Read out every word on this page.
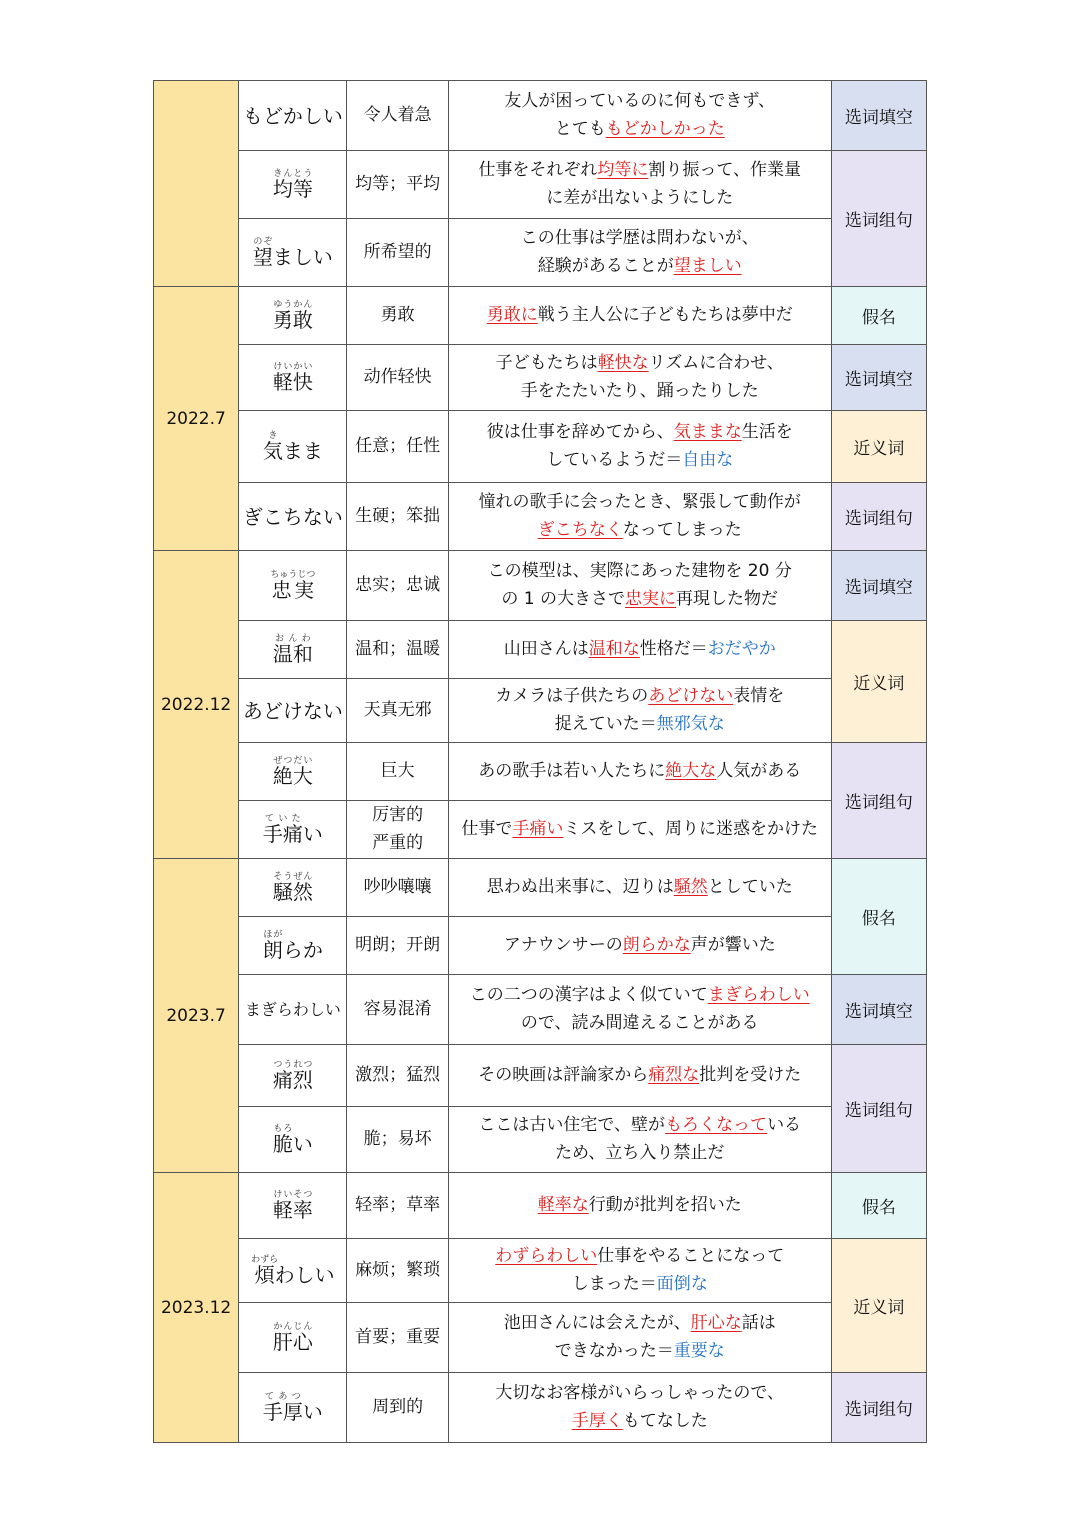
	もどかしい	令人着急	友人が困っているのに何もできず、
とてももどかしかった	选词填空
	均等きんとう	均等；平均	仕事をそれぞれ均等に割り振って、作業量
に差が出ないようにした	选词组句
	望のぞましい	所希望的	この仕事は学歴は問わないが、
経験があることが望ましい	
2022.7	勇敢ゆうかん	勇敢	勇敢に戦う主人公に子どもたちは夢中だ	假名
	軽快けいかい	动作轻快	子どもたちは軽快なリズムに合わせ、
手をたたいたり、踊ったりした	选词填空
	気きまま	任意；任性	彼は仕事を辞めてから、気ままな生活を
しているようだ＝自由な	近义词
	ぎこちない	生硬；笨拙	憧れの歌手に会ったとき、緊張して動作が
ぎこちなくなってしまった	选词组句
2022.12	忠実ちゅうじつ	忠实；忠诚	この模型は、実際にあった建物を 20 分
の 1 の大きさで忠実に再現した物だ	选词填空
	温和おんわ	温和；温暖	山田さんは温和な性格だ＝おだやか	近义词
	あどけない	天真无邪	カメラは子供たちのあどけない表情を
捉えていた＝無邪気な	
	絶大ぜつだい	巨大	あの歌手は若い人たちに絶大な人気がある	选词组句
	手痛ていたい	厉害的
严重的	仕事で手痛いミスをして、周りに迷惑をかけた	
2023.7	騒然そうぜん	吵吵嚷嚷	思わぬ出来事に、辺りは騒然としていた	假名
	朗ほがらか	明朗；开朗	アナウンサーの朗らかな声が響いた	
	まぎらわしい	容易混淆	この二つの漢字はよく似ていてまぎらわしい
ので、読み間違えることがある	选词填空
	痛烈つうれつ	激烈；猛烈	その映画は評論家から痛烈な批判を受けた	选词组句
	脆もろい	脆；易坏	ここは古い住宅で、壁がもろくなっている
ため、立ち入り禁止だ	
2023.12	軽率けいそつ	轻率；草率	軽率な行動が批判を招いた	假名
	煩わずらわしい	麻烦；繁琐	わずらわしい仕事をやることになって
しまった＝面倒な	近义词
	肝心かんじん	首要；重要	池田さんには会えたが、肝心な話は
できなかった＝重要な	
	手厚てあつい	周到的	大切なお客様がいらっしゃったので、
手厚くもてなした	选词组句
